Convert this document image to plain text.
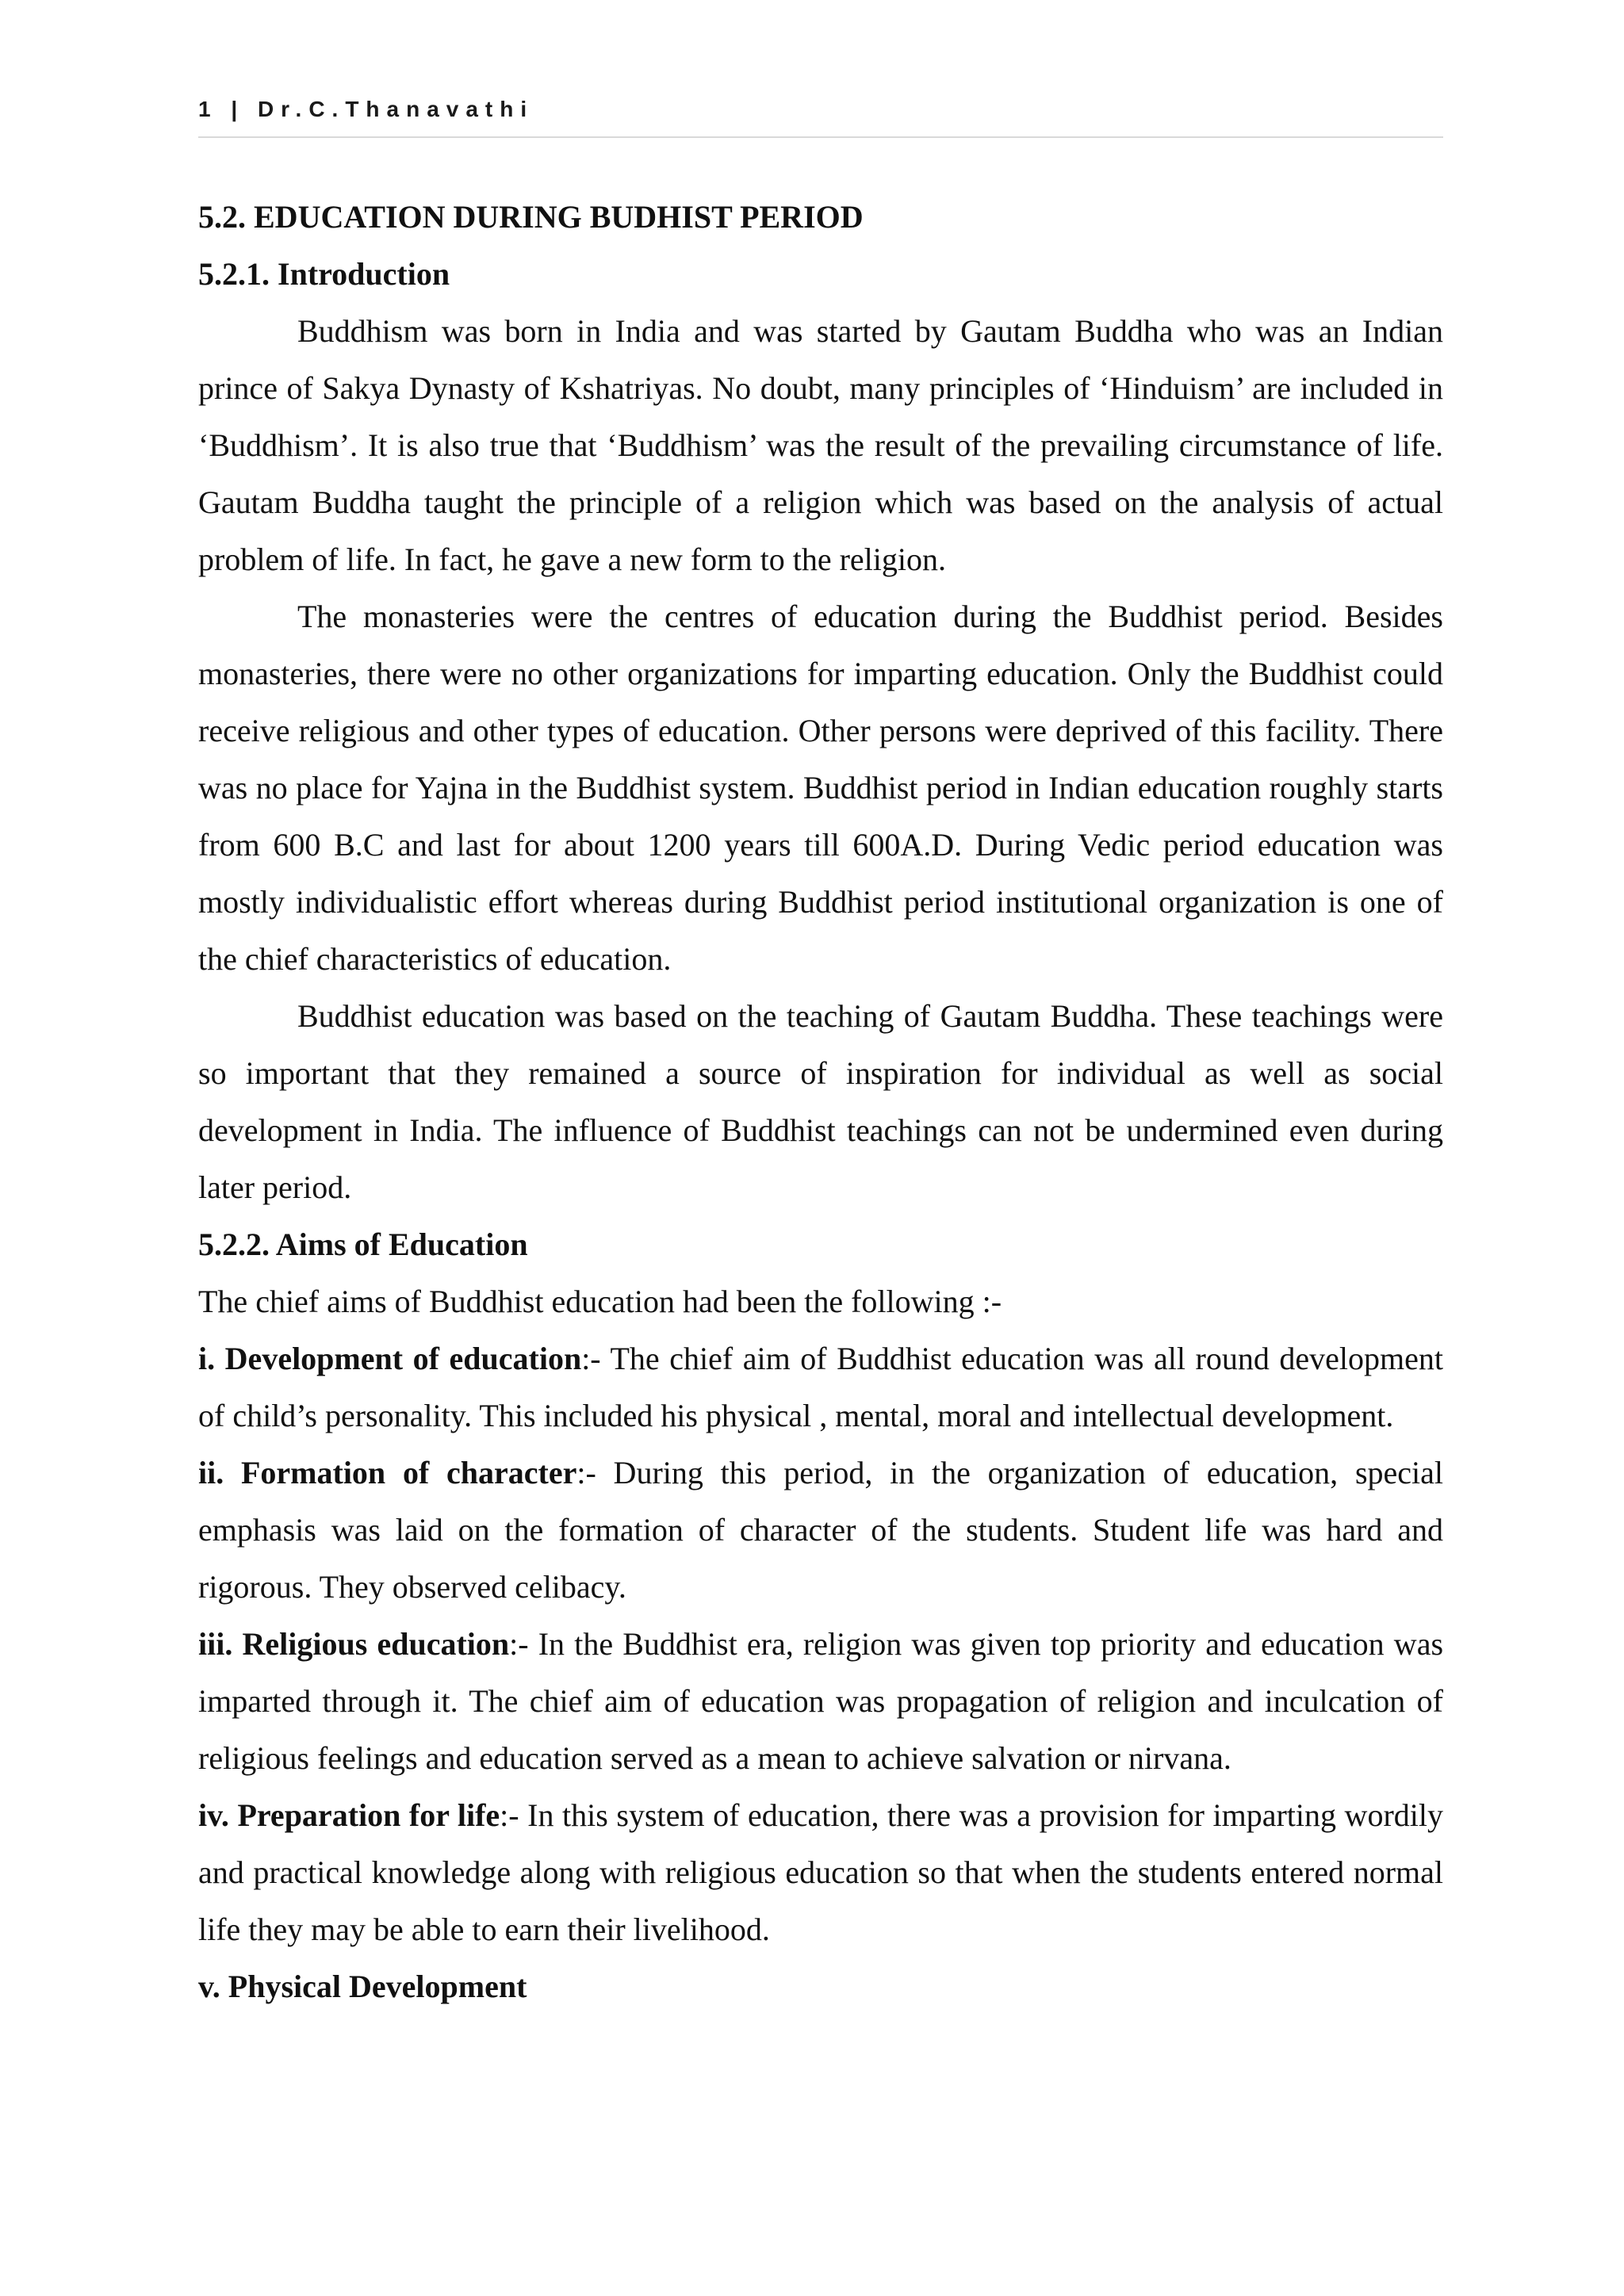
1 | Dr.C.Thanavathi

5.2. EDUCATION DURING BUDHIST PERIOD

5.2.1. Introduction

Buddhism was born in India and was started by Gautam Buddha who was an Indian prince of Sakya Dynasty of Kshatriyas. No doubt, many principles of ‘Hinduism’ are included in ‘Buddhism’. It is also true that ‘Buddhism’ was the result of the prevailing circumstance of life. Gautam Buddha taught the principle of a religion which was based on the analysis of actual problem of life. In fact, he gave a new form to the religion.

The monasteries were the centres of education during the Buddhist period. Besides monasteries, there were no other organizations for imparting education. Only the Buddhist could receive religious and other types of education. Other persons were deprived of this facility. There was no place for Yajna in the Buddhist system. Buddhist period in Indian education roughly starts from 600 B.C and last for about 1200 years till 600A.D. During Vedic period education was mostly individualistic effort whereas during Buddhist period institutional organization is one of the chief characteristics of education.

Buddhist education was based on the teaching of Gautam Buddha. These teachings were so important that they remained a source of inspiration for individual as well as social development in India. The influence of Buddhist teachings can not be undermined even during later period.

5.2.2. Aims of Education

The chief aims of Buddhist education had been the following :-

i. Development of education:- The chief aim of Buddhist education was all round development of child’s personality. This included his physical , mental, moral and intellectual development.

ii. Formation of character:- During this period, in the organization of education, special emphasis was laid on the formation of character of the students. Student life was hard and rigorous. They observed celibacy.

iii. Religious education:- In the Buddhist era, religion was given top priority and education was imparted through it. The chief aim of education was propagation of religion and inculcation of religious feelings and education served as a mean to achieve salvation or nirvana.

iv. Preparation for life:- In this system of education, there was a provision for imparting wordily and practical knowledge along with religious education so that when the students entered normal life they may be able to earn their livelihood.

v. Physical Development
